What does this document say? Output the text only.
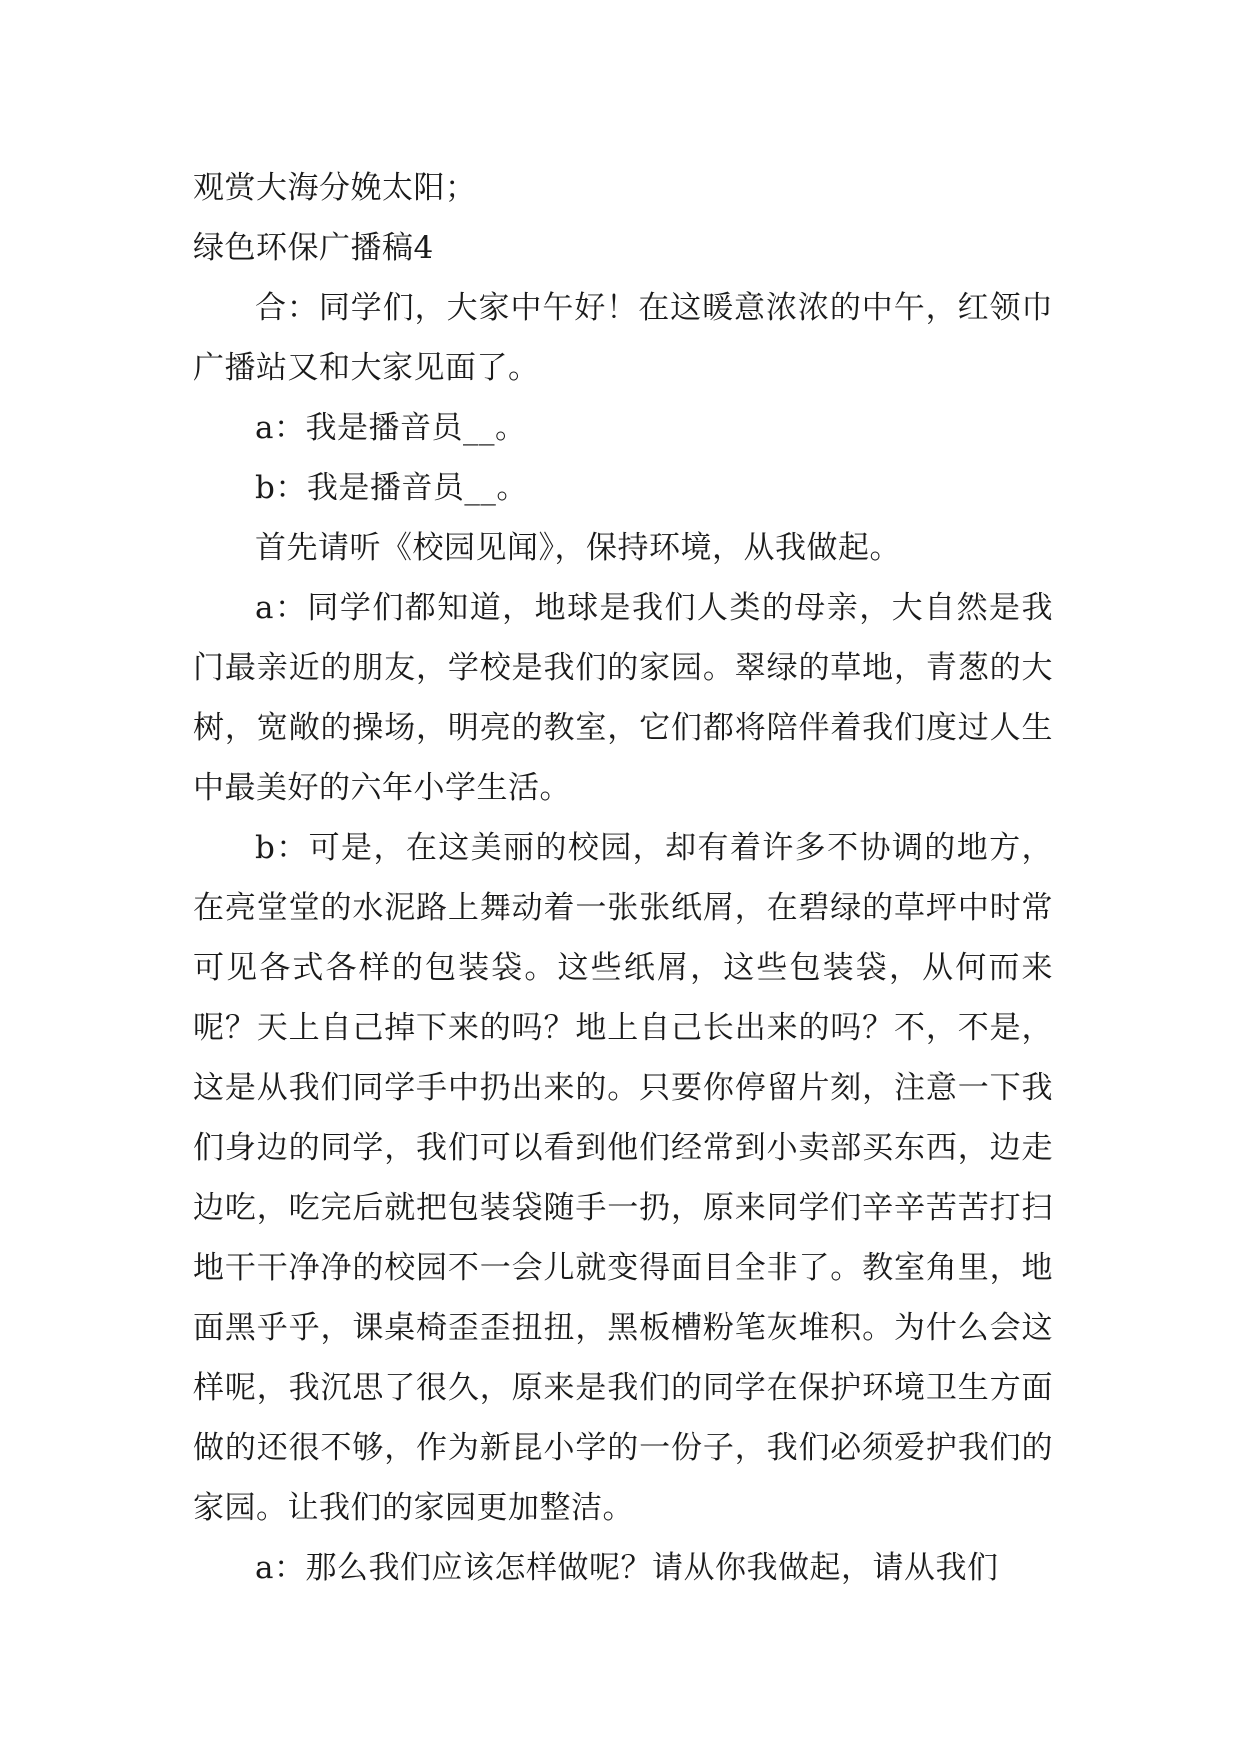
观赏大海分娩太阳；

绿色环保广播稿4

合：同学们，大家中午好！在这暖意浓浓的中午，红领巾广播站又和大家见面了。

a：我是播音员__。

b：我是播音员__。

首先请听《校园见闻》，保持环境，从我做起。

a：同学们都知道，地球是我们人类的母亲，大自然是我门最亲近的朋友，学校是我们的家园。翠绿的草地，青葱的大树，宽敞的操场，明亮的教室，它们都将陪伴着我们度过人生中最美好的六年小学生活。

b：可是，在这美丽的校园，却有着许多不协调的地方，在亮堂堂的水泥路上舞动着一张张纸屑，在碧绿的草坪中时常可见各式各样的包装袋。这些纸屑，这些包装袋，从何而来呢？天上自己掉下来的吗？地上自己长出来的吗？不，不是，这是从我们同学手中扔出来的。只要你停留片刻，注意一下我们身边的同学，我们可以看到他们经常到小卖部买东西，边走边吃，吃完后就把包装袋随手一扔，原来同学们辛辛苦苦打扫地干干净净的校园不一会儿就变得面目全非了。教室角里，地面黑乎乎，课桌椅歪歪扭扭，黑板槽粉笔灰堆积。为什么会这样呢，我沉思了很久，原来是我们的同学在保护环境卫生方面做的还很不够，作为新昆小学的一份子，我们必须爱护我们的家园。让我们的家园更加整洁。

a：那么我们应该怎样做呢？请从你我做起，请从我们
